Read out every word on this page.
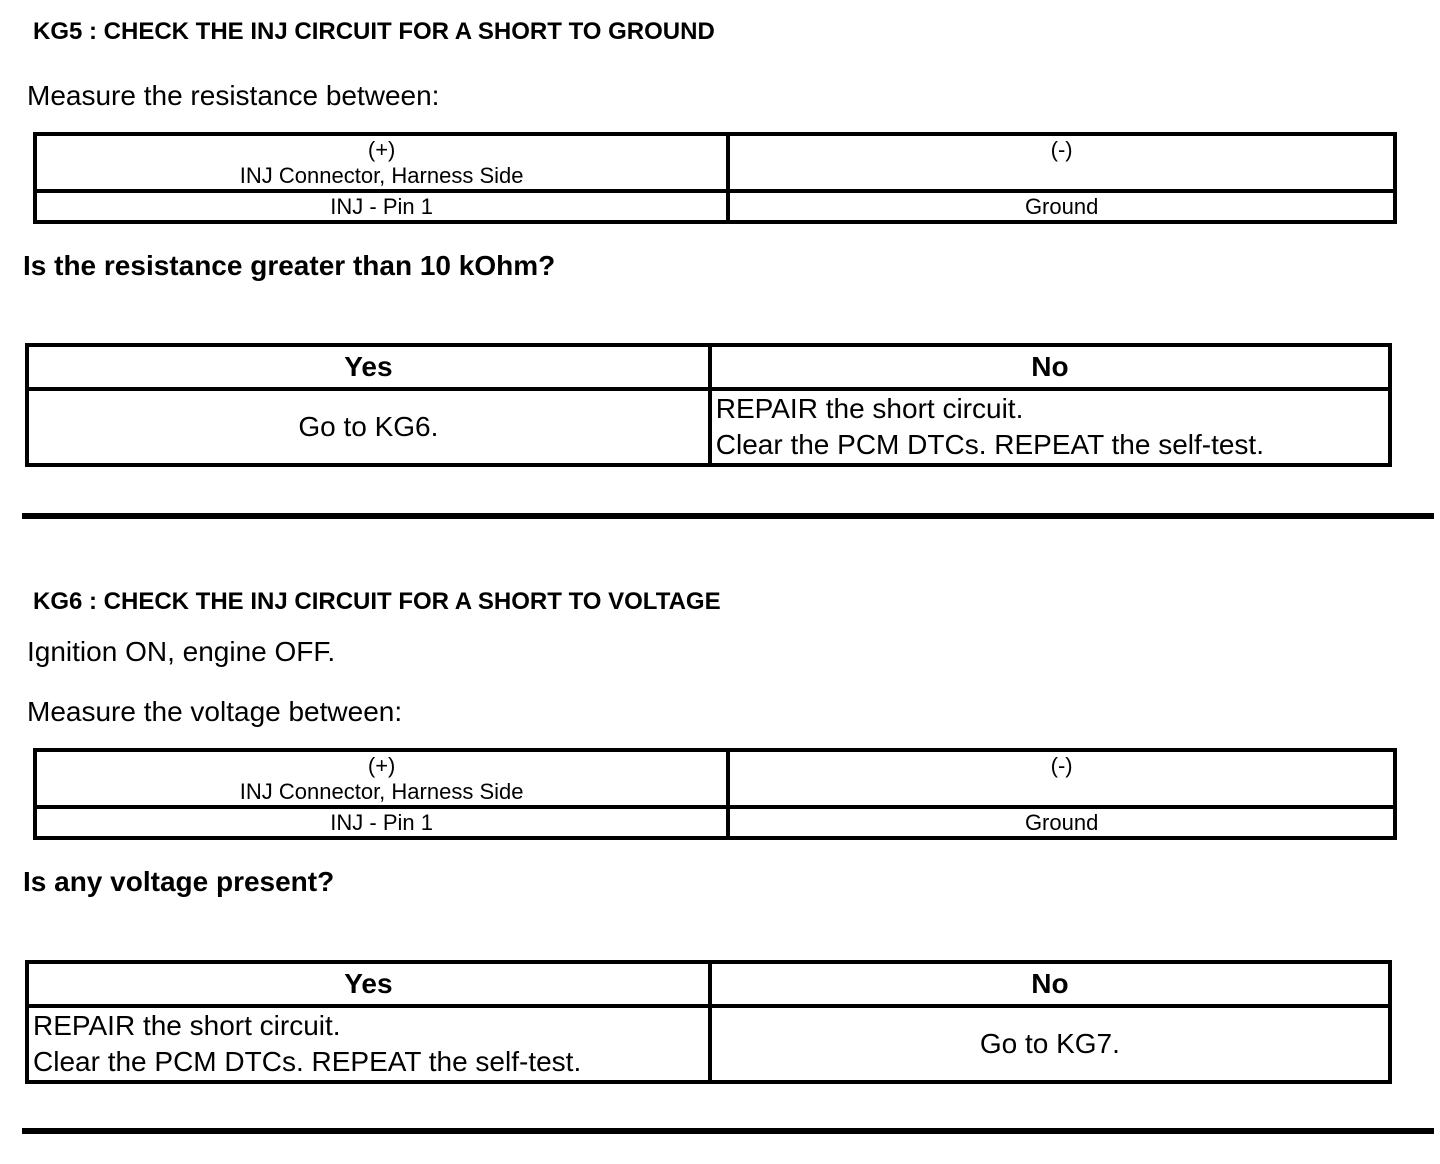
KG5 : CHECK THE INJ CIRCUIT FOR A SHORT TO GROUND

Measure the resistance between:

(+)
INJ Connector, Harness Side	(-)

INJ - Pin 1	Ground

Is the resistance greater than 10 kOhm?

Yes	No
Go to KG6.	REPAIR the short circuit.
Clear the PCM DTCs. REPEAT the self-test.
KG6 : CHECK THE INJ CIRCUIT FOR A SHORT TO VOLTAGE

Ignition ON, engine OFF.

Measure the voltage between:

(+)
INJ Connector, Harness Side	(-)

INJ - Pin 1	Ground

Is any voltage present?

Yes	No

REPAIR the short circuit.
Clear the PCM DTCs. REPEAT the self-test.	Go to KG7.
